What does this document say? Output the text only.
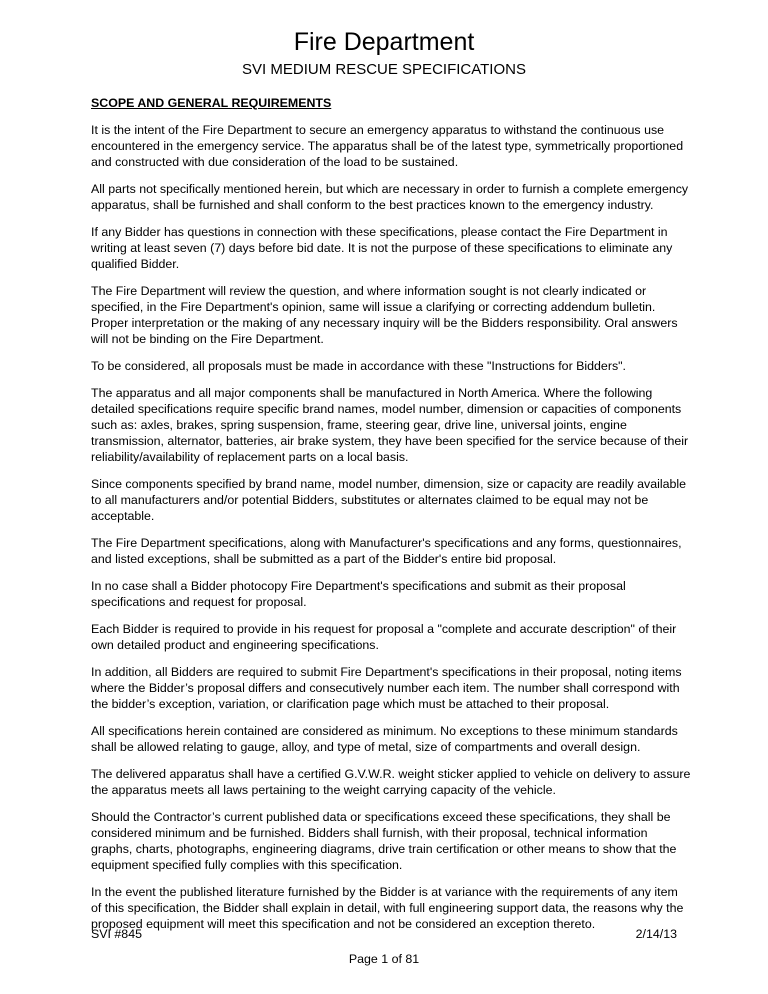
Fire Department
SVI MEDIUM RESCUE SPECIFICATIONS
SCOPE AND GENERAL REQUIREMENTS

It is the intent of the Fire Department to secure an emergency apparatus to withstand the continuous use encountered in the emergency service. The apparatus shall be of the latest type, symmetrically proportioned and constructed with due consideration of the load to be sustained.

All parts not specifically mentioned herein, but which are necessary in order to furnish a complete emergency apparatus, shall be furnished and shall conform to the best practices known to the emergency industry.

If any Bidder has questions in connection with these specifications, please contact the Fire Department in writing at least seven (7) days before bid date. It is not the purpose of these specifications to eliminate any qualified Bidder.

The Fire Department will review the question, and where information sought is not clearly indicated or specified, in the Fire Department's opinion, same will issue a clarifying or correcting addendum bulletin. Proper interpretation or the making of any necessary inquiry will be the Bidders responsibility. Oral answers will not be binding on the Fire Department.

To be considered, all proposals must be made in accordance with these "Instructions for Bidders".

The apparatus and all major components shall be manufactured in North America. Where the following detailed specifications require specific brand names, model number, dimension or capacities of components such as: axles, brakes, spring suspension, frame, steering gear, drive line, universal joints, engine transmission, alternator, batteries, air brake system, they have been specified for the service because of their reliability/availability of replacement parts on a local basis.

Since components specified by brand name, model number, dimension, size or capacity are readily available to all manufacturers and/or potential Bidders, substitutes or alternates claimed to be equal may not be acceptable.

The Fire Department specifications, along with Manufacturer's specifications and any forms, questionnaires, and listed exceptions, shall be submitted as a part of the Bidder's entire bid proposal.

In no case shall a Bidder photocopy Fire Department's specifications and submit as their proposal specifications and request for proposal.

Each Bidder is required to provide in his request for proposal a "complete and accurate description" of their own detailed product and engineering specifications.

In addition, all Bidders are required to submit Fire Department's specifications in their proposal, noting items where the Bidder’s proposal differs and consecutively number each item. The number shall correspond with the bidder’s exception, variation, or clarification page which must be attached to their proposal.

All specifications herein contained are considered as minimum. No exceptions to these minimum standards shall be allowed relating to gauge, alloy, and type of metal, size of compartments and overall design.

The delivered apparatus shall have a certified G.V.W.R. weight sticker applied to vehicle on delivery to assure the apparatus meets all laws pertaining to the weight carrying capacity of the vehicle.

Should the Contractor’s current published data or specifications exceed these specifications, they shall be considered minimum and be furnished. Bidders shall furnish, with their proposal, technical information graphs, charts, photographs, engineering diagrams, drive train certification or other means to show that the equipment specified fully complies with this specification.

In the event the published literature furnished by the Bidder is at variance with the requirements of any item of this specification, the Bidder shall explain in detail, with full engineering support data, the reasons why the proposed equipment will meet this specification and not be considered an exception thereto.

SVI #845	2/14/13
Page 1 of 81
